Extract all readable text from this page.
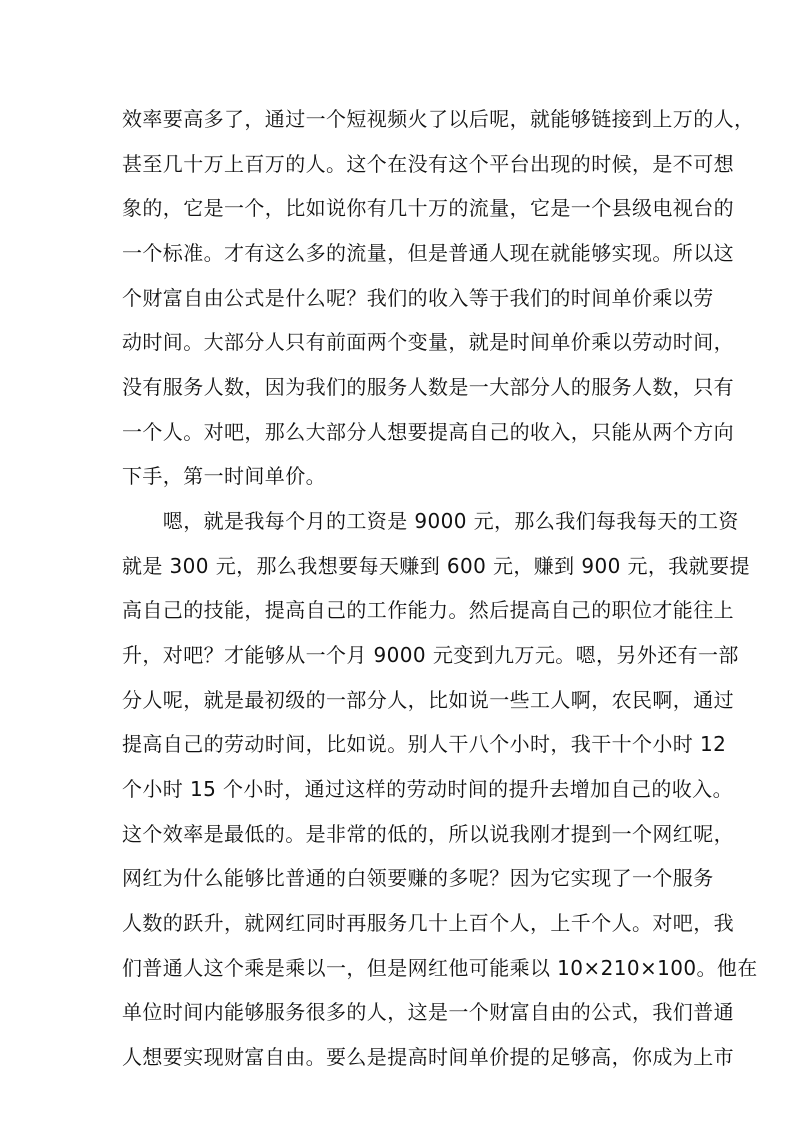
效率要高多了，通过一个短视频火了以后呢，就能够链接到上万的人，
甚至几十万上百万的人。这个在没有这个平台出现的时候，是不可想
象的，它是一个，比如说你有几十万的流量，它是一个县级电视台的
一个标准。才有这么多的流量，但是普通人现在就能够实现。所以这
个财富自由公式是什么呢？我们的收入等于我们的时间单价乘以劳
动时间。大部分人只有前面两个变量，就是时间单价乘以劳动时间，
没有服务人数，因为我们的服务人数是一大部分人的服务人数，只有
一个人。对吧，那么大部分人想要提高自己的收入，只能从两个方向
下手，第一时间单价。
　　嗯，就是我每个月的工资是 9000 元，那么我们每我每天的工资
就是 300 元，那么我想要每天赚到 600 元，赚到 900 元，我就要提
高自己的技能，提高自己的工作能力。然后提高自己的职位才能往上
升，对吧？才能够从一个月 9000 元变到九万元。嗯，另外还有一部
分人呢，就是最初级的一部分人，比如说一些工人啊，农民啊，通过
提高自己的劳动时间，比如说。别人干八个小时，我干十个小时 12
个小时 15 个小时，通过这样的劳动时间的提升去增加自己的收入。
这个效率是最低的。是非常的低的，所以说我刚才提到一个网红呢，
网红为什么能够比普通的白领要赚的多呢？因为它实现了一个服务
人数的跃升，就网红同时再服务几十上百个人，上千个人。对吧，我
们普通人这个乘是乘以一，但是网红他可能乘以 10×210×100。他在
单位时间内能够服务很多的人，这是一个财富自由的公式，我们普通
人想要实现财富自由。要么是提高时间单价提的足够高，你成为上市
